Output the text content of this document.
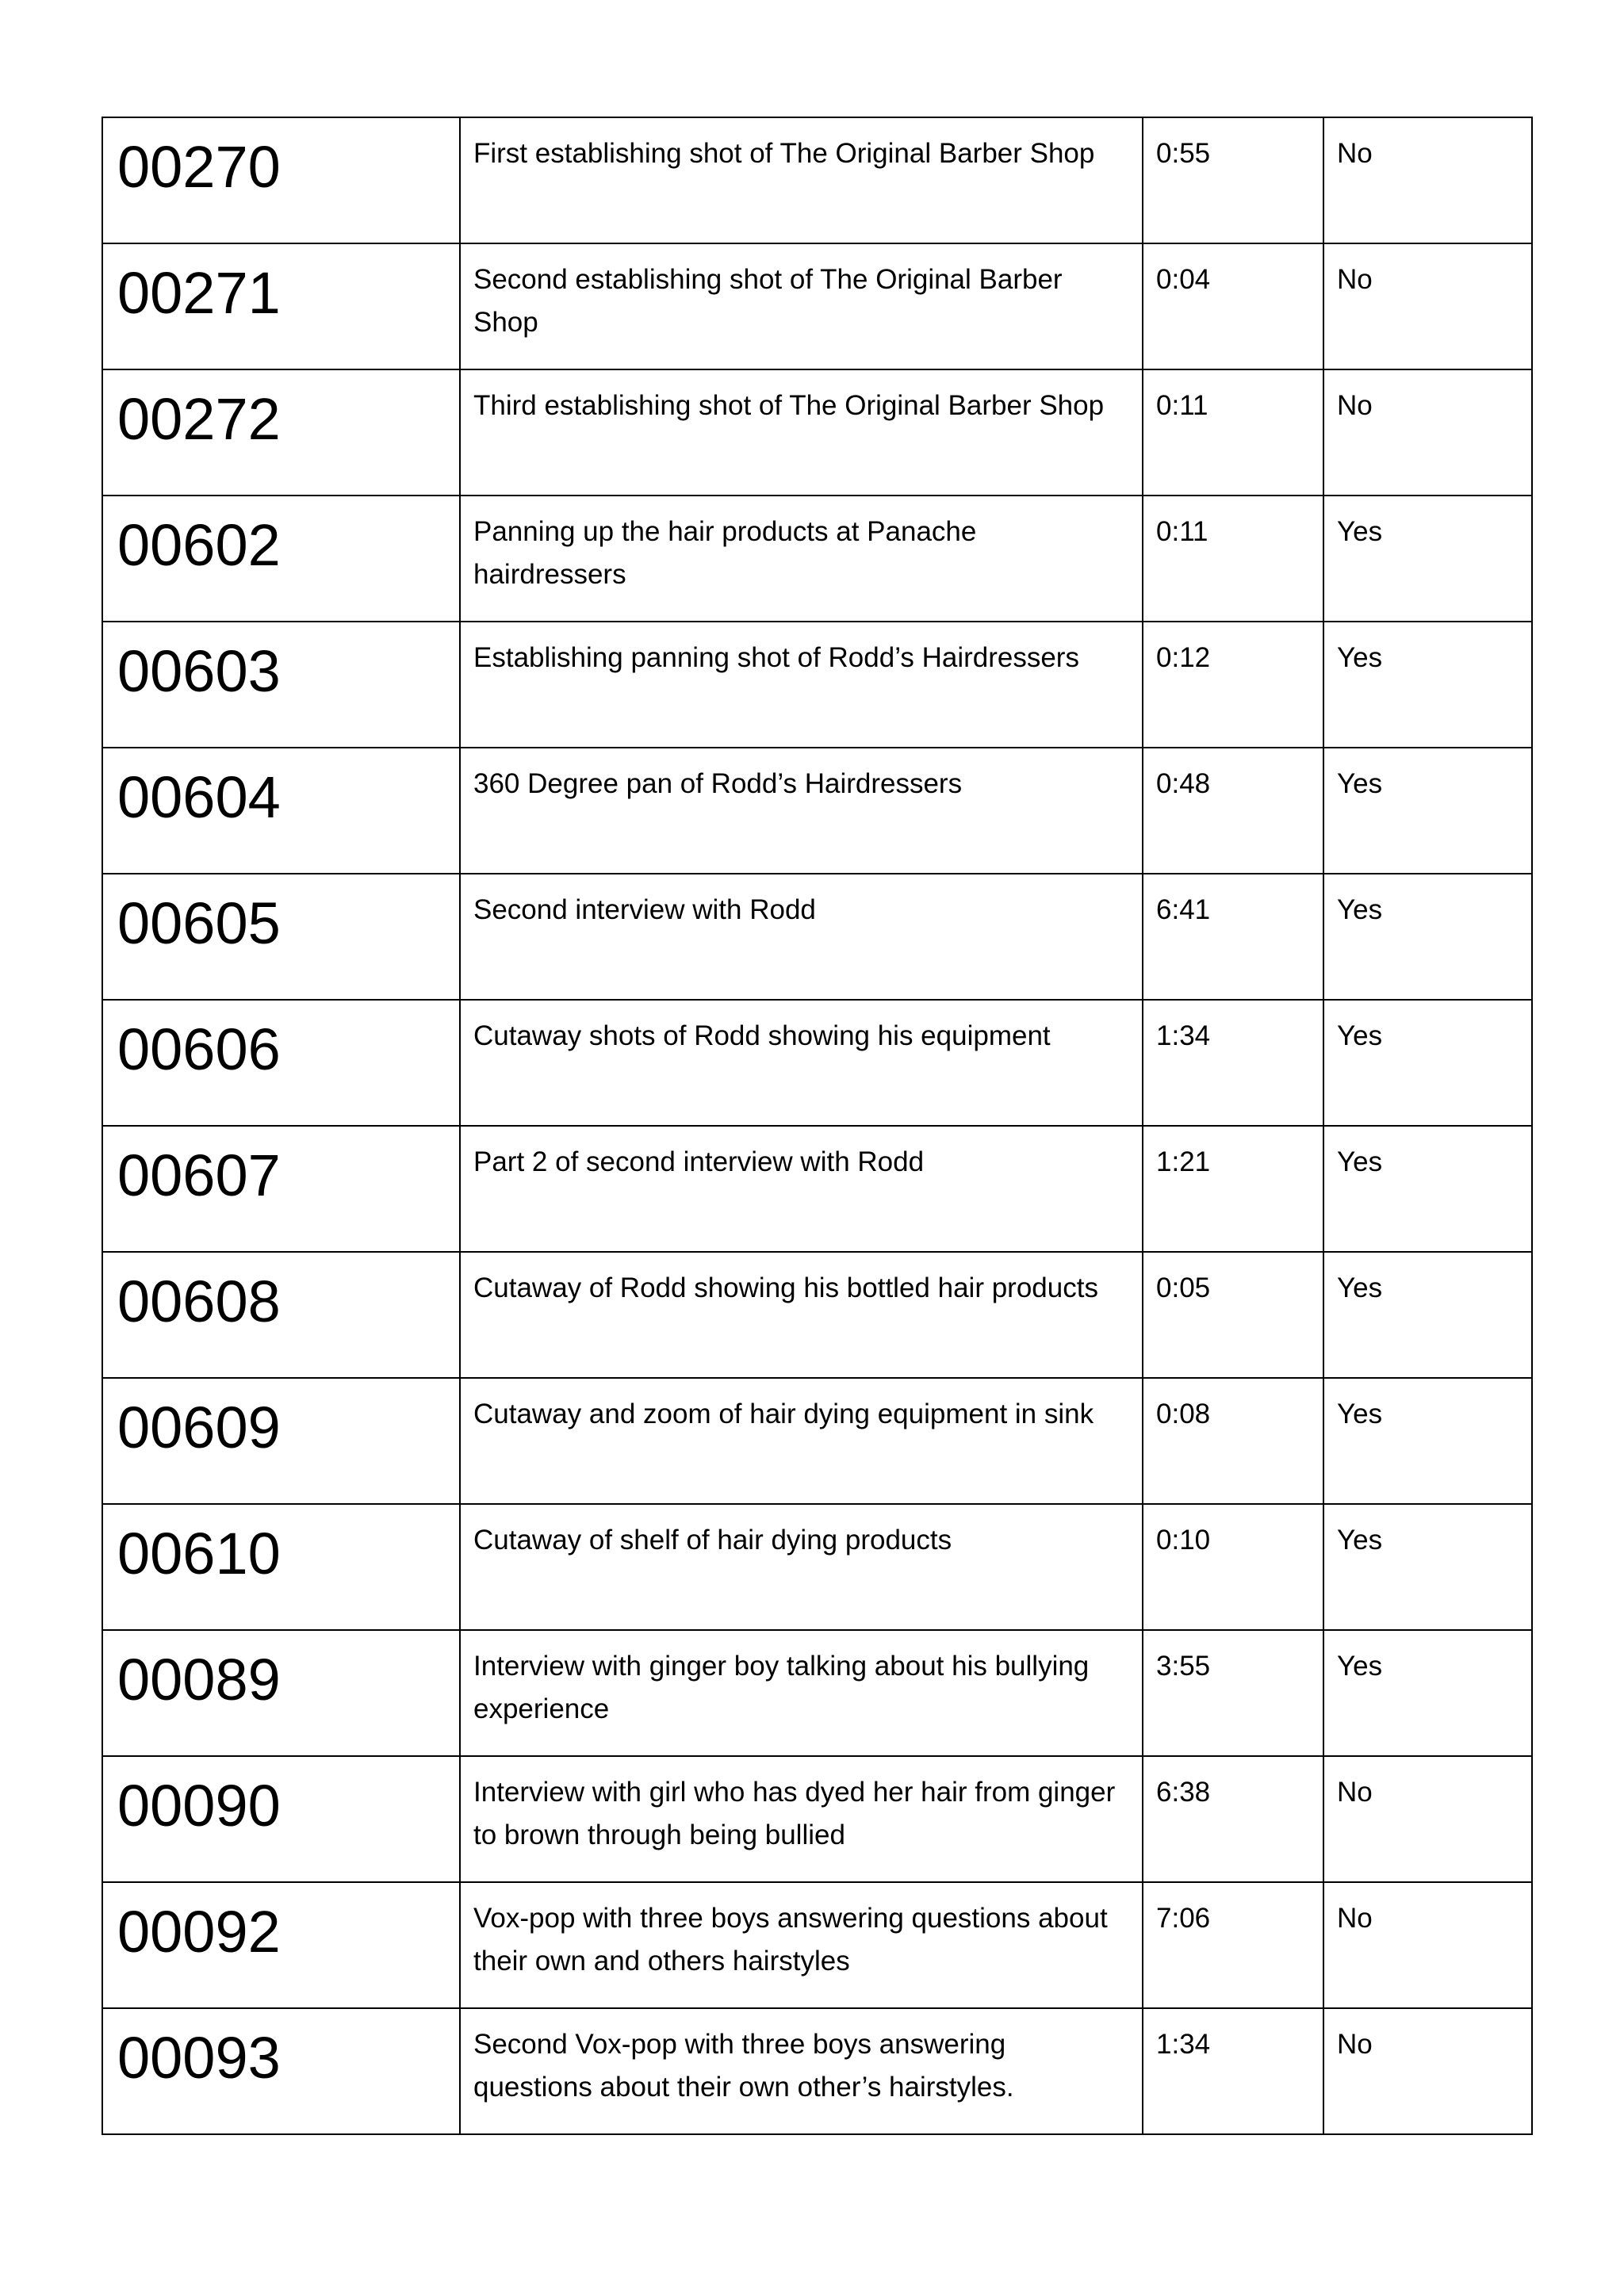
00270	First establishing shot of The Original Barber Shop	0:55	No

00271	Second establishing shot of The Original Barber Shop	0:04	No

00272	Third establishing shot of The Original Barber Shop	0:11	No

00602	Panning up the hair products at Panache hairdressers	0:11	Yes

00603	Establishing panning shot of Rodd’s Hairdressers	0:12	Yes

00604	360 Degree pan of Rodd’s Hairdressers	0:48	Yes

00605	Second interview with Rodd	6:41	Yes

00606	Cutaway shots of Rodd showing his equipment	1:34	Yes

00607	Part 2 of second interview with Rodd	1:21	Yes

00608	Cutaway of Rodd showing his bottled hair products	0:05	Yes

00609	Cutaway and zoom of hair dying equipment in sink	0:08	Yes

00610	Cutaway of shelf of hair dying products	0:10	Yes

00089	Interview with ginger boy talking about his bullying experience	3:55	Yes

00090	Interview with girl who has dyed her hair from ginger to brown through being bullied	6:38	No

00092	Vox-pop with three boys answering questions about their own and others hairstyles	7:06	No

00093	Second Vox-pop with three boys answering questions about their own other’s hairstyles.	1:34	No
